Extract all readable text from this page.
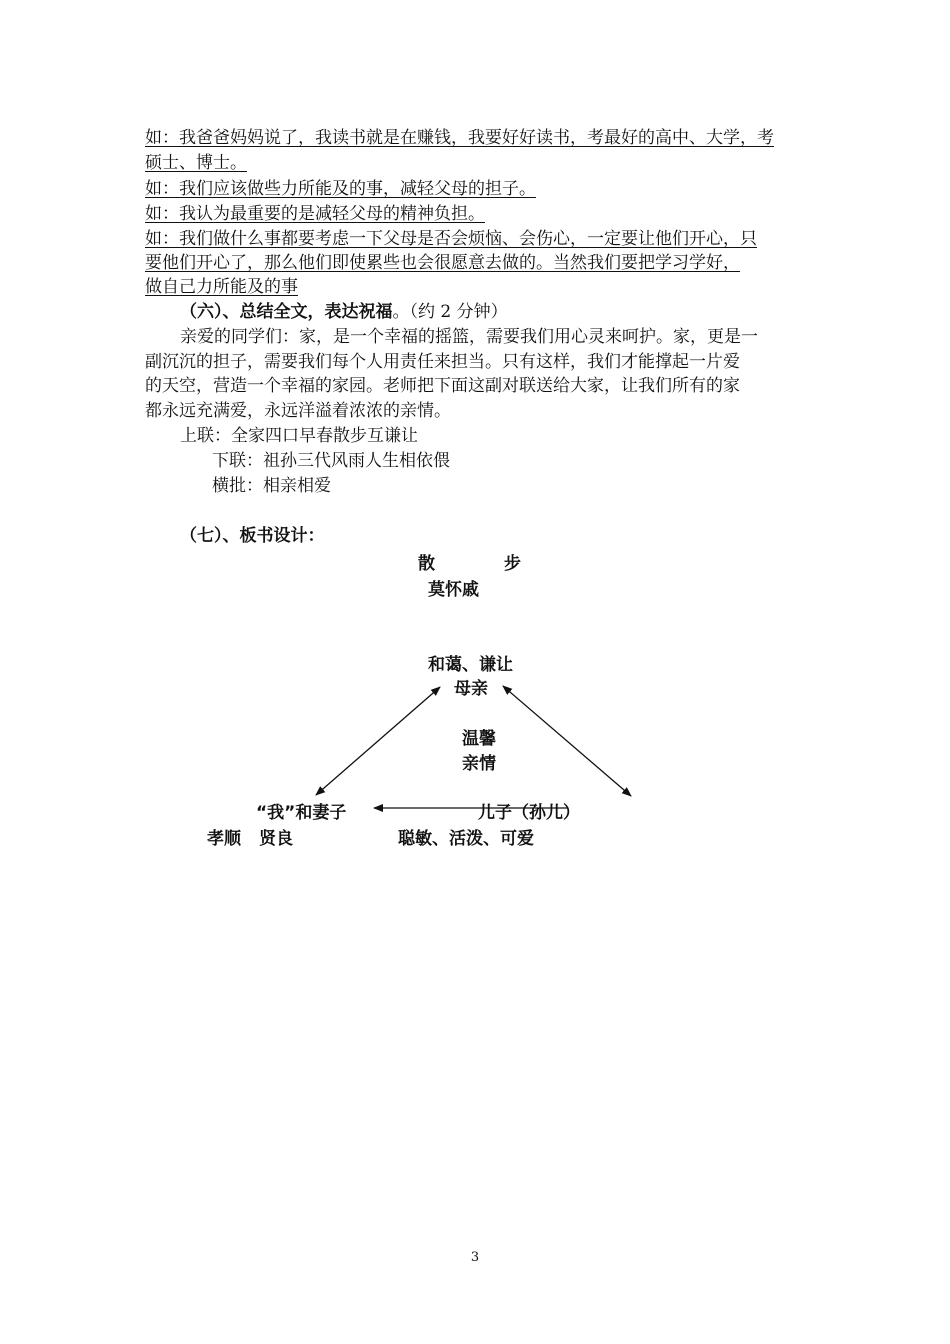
如：我爸爸妈妈说了，我读书就是在赚钱，我要好好读书，考最好的高中、大学，考
硕士、博士。
如：我们应该做些力所能及的事，减轻父母的担子。
如：我认为最重要的是减轻父母的精神负担。
如：我们做什么事都要考虑一下父母是否会烦恼、会伤心，一定要让他们开心，只
要他们开心了，那么他们即使累些也会很愿意去做的。当然我们要把学习学好，
做自己力所能及的事
（六）、总结全文，表达祝福。（约 2 分钟）
亲爱的同学们：家，是一个幸福的摇篮，需要我们用心灵来呵护。家，更是一
副沉沉的担子，需要我们每个人用责任来担当。只有这样，我们才能撑起一片爱
的天空，营造一个幸福的家园。老师把下面这副对联送给大家，让我们所有的家
都永远充满爱，永远洋溢着浓浓的亲情。
上联：全家四口早春散步互谦让
下联：祖孙三代风雨人生相依偎
横批：相亲相爱
（七）、板书设计：
散	步
莫怀戚
和蔼、谦让
母亲
温馨
亲情
“我”和妻子	儿子（孙儿）
孝顺 贤良	聪敏、活泼、可爱
3
